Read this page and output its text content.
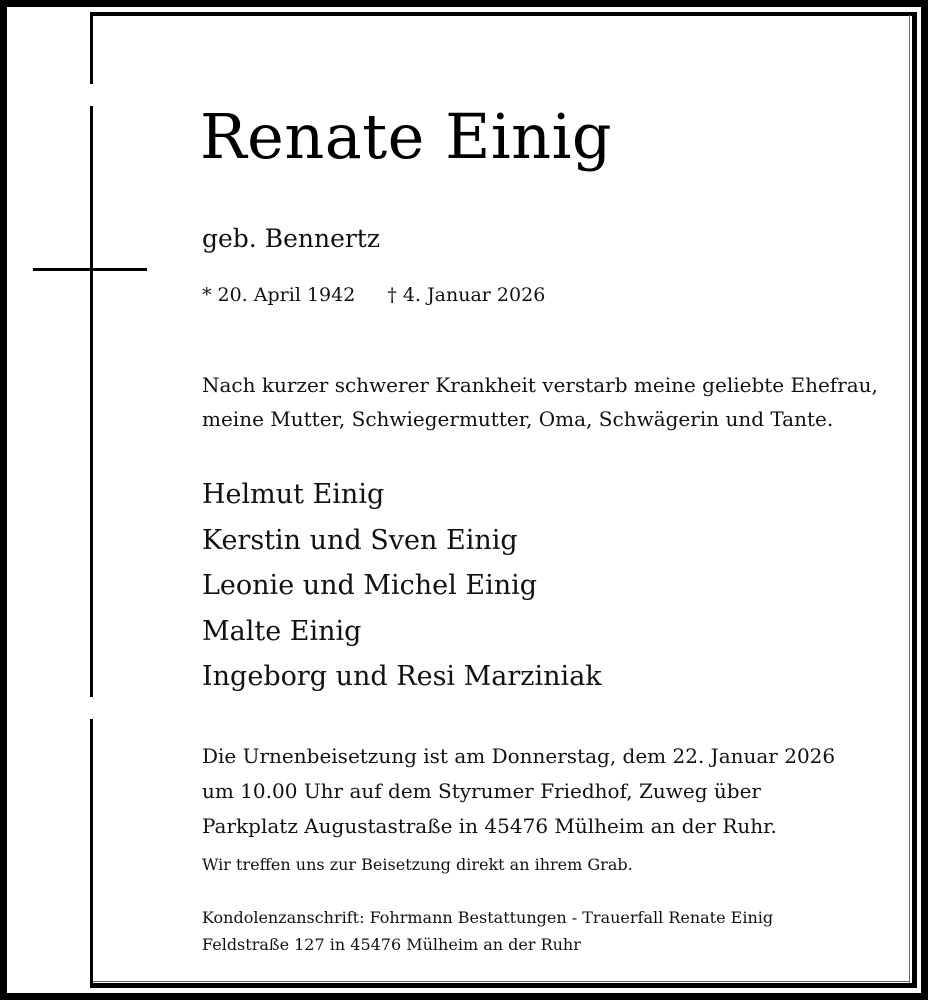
Renate Einig
geb. Bennertz
* 20. April 1942 † 4. Januar 2026
Nach kurzer schwerer Krankheit verstarb meine geliebte Ehefrau,
meine Mutter, Schwiegermutter, Oma, Schwägerin und Tante.
Helmut Einig
Kerstin und Sven Einig
Leonie und Michel Einig
Malte Einig
Ingeborg und Resi Marziniak
Die Urnenbeisetzung ist am Donnerstag, dem 22. Januar 2026
um 10.00 Uhr auf dem Styrumer Friedhof, Zuweg über
Parkplatz Augustastraße in 45476 Mülheim an der Ruhr.
Wir treffen uns zur Beisetzung direkt an ihrem Grab.
Kondolenzanschrift: Fohrmann Bestattungen - Trauerfall Renate Einig
Feldstraße 127 in 45476 Mülheim an der Ruhr
